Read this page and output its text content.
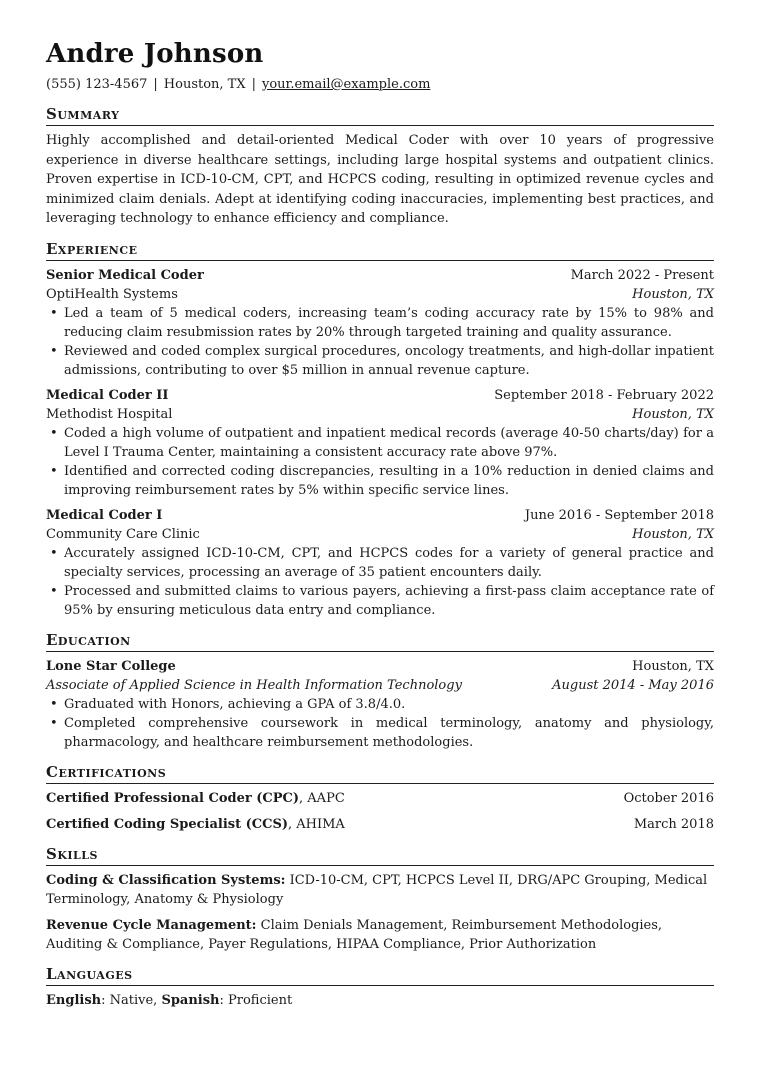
Andre Johnson
(555) 123-4567 | Houston, TX | your.email@example.com
Summary
Highly accomplished and detail-oriented Medical Coder with over 10 years of progressive experience in diverse healthcare settings, including large hospital systems and outpatient clinics. Proven expertise in ICD-10-CM, CPT, and HCPCS coding, resulting in optimized revenue cycles and minimized claim denials. Adept at identifying coding inaccuracies, implementing best practices, and leveraging technology to enhance efficiency and compliance.
Experience
Senior Medical Coder	March 2022 - Present
OptiHealth Systems	Houston, TX
• Led a team of 5 medical coders, increasing team’s coding accuracy rate by 15% to 98% and reducing claim resubmission rates by 20% through targeted training and quality assurance.
• Reviewed and coded complex surgical procedures, oncology treatments, and high-dollar inpatient admissions, contributing to over $5 million in annual revenue capture.
Medical Coder II	September 2018 - February 2022
Methodist Hospital	Houston, TX
• Coded a high volume of outpatient and inpatient medical records (average 40-50 charts/day) for a Level I Trauma Center, maintaining a consistent accuracy rate above 97%.
• Identified and corrected coding discrepancies, resulting in a 10% reduction in denied claims and improving reimbursement rates by 5% within specific service lines.
Medical Coder I	June 2016 - September 2018
Community Care Clinic	Houston, TX
• Accurately assigned ICD-10-CM, CPT, and HCPCS codes for a variety of general practice and specialty services, processing an average of 35 patient encounters daily.
• Processed and submitted claims to various payers, achieving a first-pass claim acceptance rate of 95% by ensuring meticulous data entry and compliance.
Education
Lone Star College	Houston, TX
Associate of Applied Science in Health Information Technology	August 2014 - May 2016
• Graduated with Honors, achieving a GPA of 3.8/4.0.
• Completed comprehensive coursework in medical terminology, anatomy and physiology, pharmacology, and healthcare reimbursement methodologies.
Certifications
Certified Professional Coder (CPC), AAPC	October 2016
Certified Coding Specialist (CCS), AHIMA	March 2018
Skills
Coding & Classification Systems: ICD-10-CM, CPT, HCPCS Level II, DRG/APC Grouping, Medical Terminology, Anatomy & Physiology
Revenue Cycle Management: Claim Denials Management, Reimbursement Methodologies, Auditing & Compliance, Payer Regulations, HIPAA Compliance, Prior Authorization
Languages
English: Native, Spanish: Proficient
